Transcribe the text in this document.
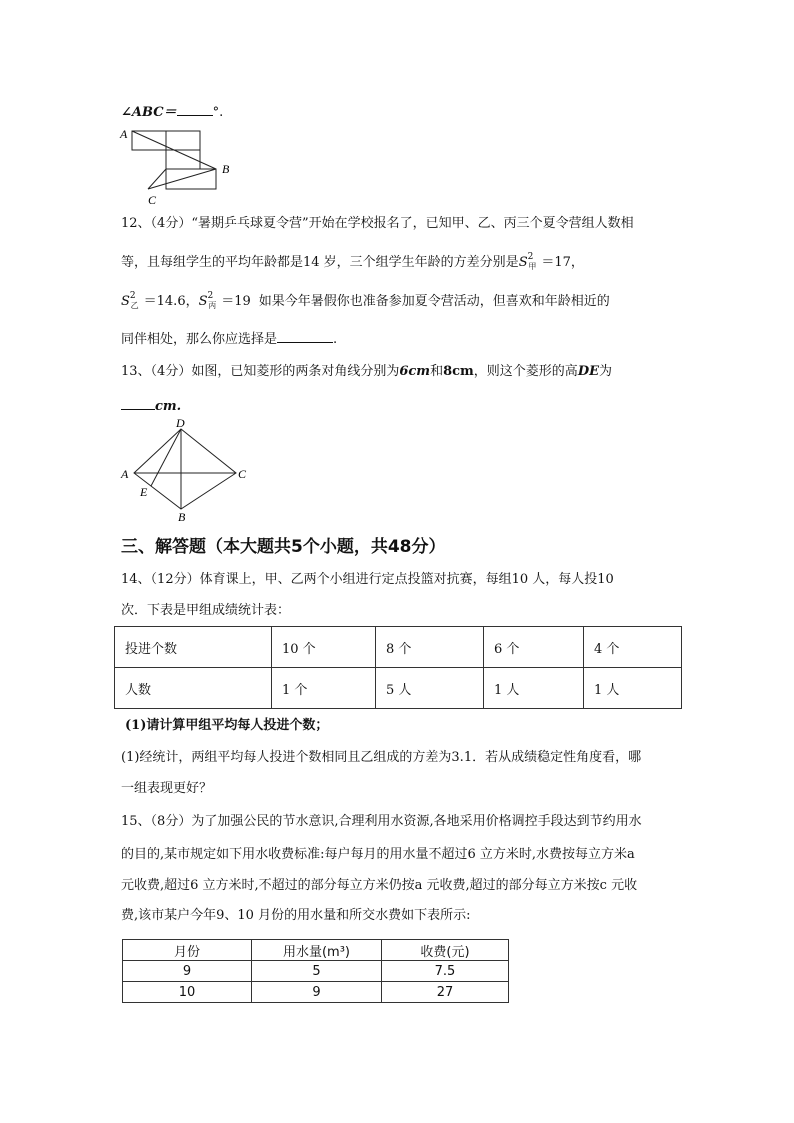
∠ABC＝	°.
A
B
C
12、（4分）“暑期乒乓球夏令营”开始在学校报名了，已知甲、乙、丙三个夏令营组人数相
等，且每组学生的平均年龄都是14 岁，三个组学生年龄的方差分别是$S^2_甲 =17$，
$S^2_乙 =14.6$，$S^2_丙 =19$ 如果今年暑假你也准备参加夏令营活动，但喜欢和年龄相近的
同伴相处，那么你应选择是	.
13、（4分）如图，已知菱形的两条对角线分别为6cm和8cm，则这个菱形的高DE为
cm.
D
A	C
E
B
三、解答题（本大题共5个小题，共48分）
14、（12分）体育课上，甲、乙两个小组进行定点投篮对抗赛，每组10 人，每人投10
次．下表是甲组成绩统计表：
投进个数	10 个	8 个	6 个	4 个
人数	1 个	5 人	1 人	1 人
(1)请计算甲组平均每人投进个数；
(1)经统计，两组平均每人投进个数相同且乙组成的方差为3.1．若从成绩稳定性角度看，哪
一组表现更好？
15、（8分）为了加强公民的节水意识,合理利用水资源,各地采用价格调控手段达到节约用水
的目的,某市规定如下用水收费标准:每户每月的用水量不超过6 立方米时,水费按每立方米a
元收费,超过6 立方米时,不超过的部分每立方米仍按a 元收费,超过的部分每立方米按c 元收
费,该市某户今年9、10 月份的用水量和所交水费如下表所示:
月份	用水量(m³)	收费(元)
9	5	7.5
10	9	27
